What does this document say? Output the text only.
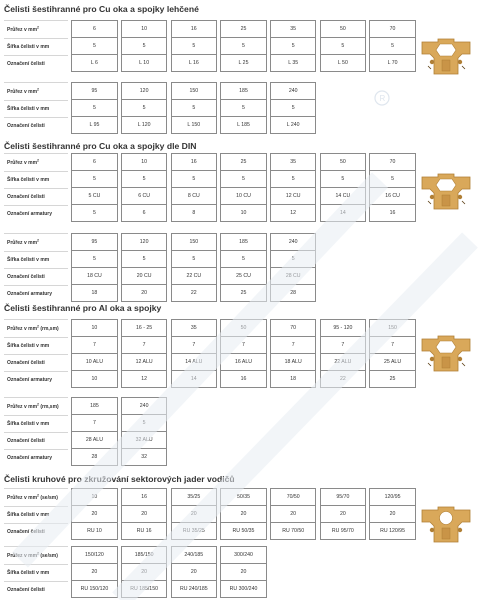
Čelisti šestihranné pro Cu oka a spojky lehčené
Průřez v $mm^2$		6		10		16		25		35		50		70
Šířka čelisti v mm		5		5		5		5		5		5		5
Označení čelisti		L 6		L 10		L 16		L 25		L 35		L 50		L 70
Průřez v $mm^2$		95		120		150		185		240
Šířka čelisti v mm		5		5		5		5		5
Označení čelisti		L 95		L 120		L 150		L 185		L 240
Čelisti šestihranné pro Cu oka a spojky dle DIN
Průřez v $mm^2$		6		10		16		25		35		50		70
Šířka čelisti v mm		5		5		5		5		5		5		5
Označení čelisti		5 CU		6 CU		8 CU		10 CU		12 CU		14 CU		16 CU
Označení armatury		5		6		8		10		12		14		16
Průřez v $mm^2$		95		120		150		185		240
Šířka čelisti v mm		5		5		5		5		5
Označení čelisti		18 CU		20 CU		22 CU		25 CU		28 CU
Označení armatury		18		20		22		25		28
Čelisti šestihranné pro Al oka a spojky
Průřez v $mm^2$ (rm,sm)		10		16 - 25		35		50		70		95 - 120		150
Šířka čelisti v mm		7		7		7		7		7		7		7
Označení čelisti		10 ALU		12 ALU		14 ALU		16 ALU		18 ALU		22 ALU		25 ALU
Označení armatury		10		12		14		16		18		22		25
Průřez v $mm^2$ (rm,sm)		185		240
Šířka čelisti v mm		7		5
Označení čelisti		28 ALU		32 ALU
Označení armatury		28		32
Čelisti kruhové pro zkružování sektorových jader vodičů
Průřez v $mm^2$ (se/sm)		10		16		35/25		50/35		70/50		95/70		120/95
Šířka čelisti v mm		20		20		20		20		20		20		20
Označení čelisti		RU 10		RU 16		RU 35/25		RU 50/35		RU 70/50		RU 95/70		RU 120/95
Průřez v $mm^2$ (se/sm)		150/120		185/150		240/185		300/240
Šířka čelisti v mm		20		20		20		20
Označení čelisti		RU 150/120		RU 185/150		RU 240/185		RU 300/240
R
